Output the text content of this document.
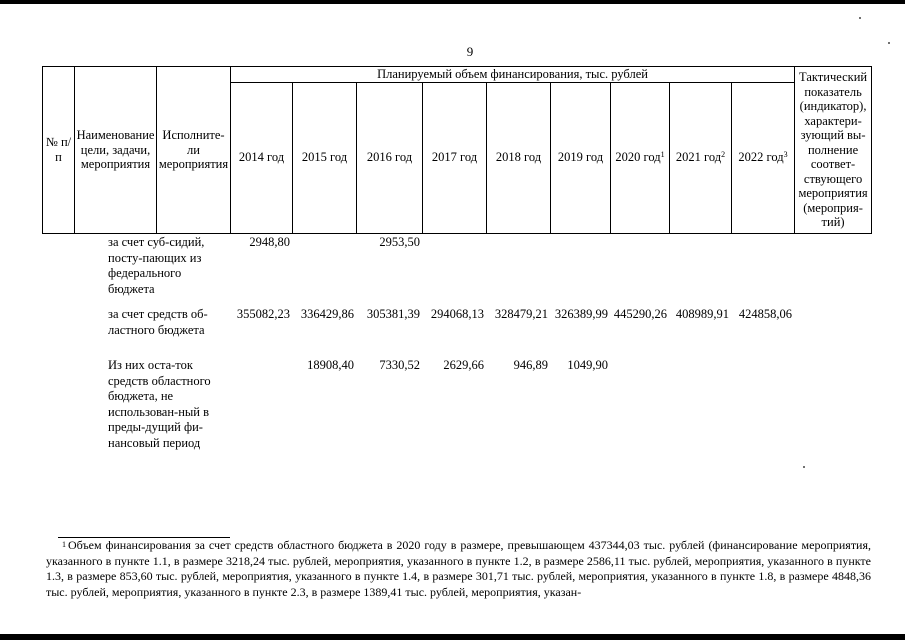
9
№ п/п	Наименование цели, задачи, мероприятия	Исполните-ли мероприятия	Планируемый объем финансирования, тыс. рублей									Тактический показатель (индикатор), характери-зующий вы-полнение соответ-ствующего мероприятия (мероприя-тий)
			2014 год	2015 год	2016 год	2017 год	2018 год	2019 год	2020 год$^1$	2021 год$^2$	2022 год$^3$
	за счет суб-сидий, посту-пающих из федерального бюджета	2948,80		2953,50							
	за счет средств об-ластного бюджета	355082,23	336429,86	305381,39	294068,13	328479,21	326389,99	445290,26	408989,91	424858,06	
	Из них оста-ток средств областного бюджета, не использован-ный в преды-дущий фи-нансовый период		18908,40	7330,52	2629,66	946,89	1049,90				
$^1$ Объем финансирования за счет средств областного бюджета в 2020 году в размере, превышающем 437344,03 тыс. рублей (финансирование мероприятия, указанного в пункте 1.1, в размере 3218,24 тыс. рублей, мероприятия, указанного в пункте 1.2, в размере 2586,11 тыс. рублей, мероприятия, указанного в пункте 1.3, в размере 853,60 тыс. рублей, мероприятия, указанного в пункте 1.4, в размере 301,71 тыс. рублей, мероприятия, указанного в пункте 1.8, в размере 4848,36 тыс. рублей, мероприятия, указанного в пункте 2.3, в размере 1389,41 тыс. рублей, мероприятия, указан-
